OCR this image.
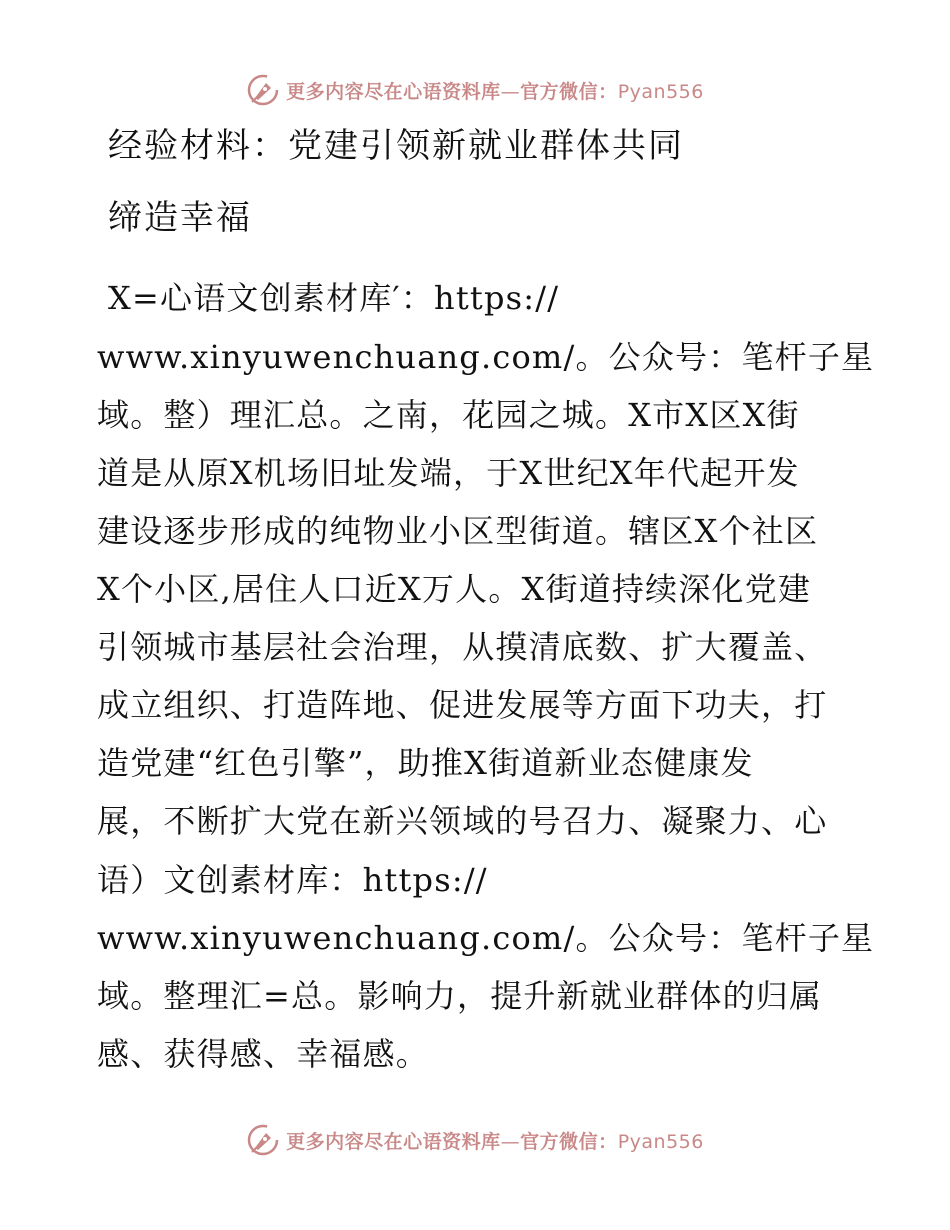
更多内容尽在心语资料库—官方微信：Pyan556
经验材料：党建引领新就业群体共同
缔造幸福
X=心语文创素材库′：https://
www.xinyuwenchuang.com/。公众号：笔杆子星
域。整）理汇总。之南，花园之城。X市X区X街
道是从原X机场旧址发端，于X世纪X年代起开发
建设逐步形成的纯物业小区型街道。辖区X个社区
X个小区,居住人口近X万人。X街道持续深化党建
引领城市基层社会治理，从摸清底数、扩大覆盖、
成立组织、打造阵地、促进发展等方面下功夫，打
造党建“红色引擎”，助推X街道新业态健康发
展，不断扩大党在新兴领域的号召力、凝聚力、心
语）文创素材库：https://
www.xinyuwenchuang.com/。公众号：笔杆子星
域。整理汇=总。影响力，提升新就业群体的归属
感、获得感、幸福感。
更多内容尽在心语资料库—官方微信：Pyan556
